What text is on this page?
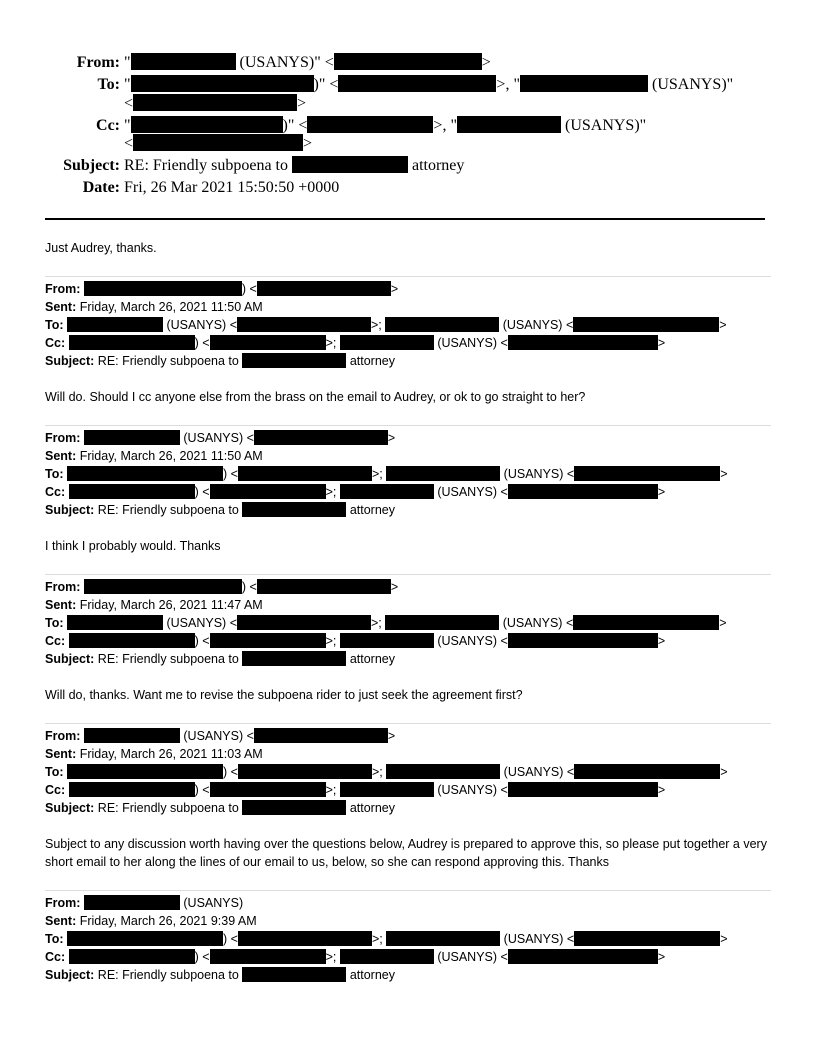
From: "	(USANYS)" <	>
To: "	)" <	>, "	(USANYS)"
<	>
Cc: "	)" <	>, "	(USANYS)"
<	>
Subject: RE: Friendly subpoena to	attorney
Date: Fri, 26 Mar 2021 15:50:50 +0000
Just Audrey, thanks.
From:	) <	>
Sent: Friday, March 26, 2021 11:50 AM
To:	(USANYS) <	>;	(USANYS) <	>
Cc:	) <	>;	(USANYS) <	>
Subject: RE: Friendly subpoena to	attorney
Will do. Should I cc anyone else from the brass on the email to Audrey, or ok to go straight to her?
From:	(USANYS) <	>
Sent: Friday, March 26, 2021 11:50 AM
To:	) <	>;	(USANYS) <	>
Cc:	) <	>;	(USANYS) <	>
Subject: RE: Friendly subpoena to	attorney
I think I probably would. Thanks
From:	) <	>
Sent: Friday, March 26, 2021 11:47 AM
To:	(USANYS) <	>;	(USANYS) <	>
Cc:	) <	>;	(USANYS) <	>
Subject: RE: Friendly subpoena to	attorney
Will do, thanks. Want me to revise the subpoena rider to just seek the agreement first?
From:	(USANYS) <	>
Sent: Friday, March 26, 2021 11:03 AM
To:	) <	>;	(USANYS) <	>
Cc:	) <	>;	(USANYS) <	>
Subject: RE: Friendly subpoena to	attorney
Subject to any discussion worth having over the questions below, Audrey is prepared to approve this, so please put together a very short email to her along the lines of our email to us, below, so she can respond approving this. Thanks
From:	(USANYS)
Sent: Friday, March 26, 2021 9:39 AM
To:	) <	>;	(USANYS) <	>
Cc:	) <	>;	(USANYS) <	>
Subject: RE: Friendly subpoena to	attorney
